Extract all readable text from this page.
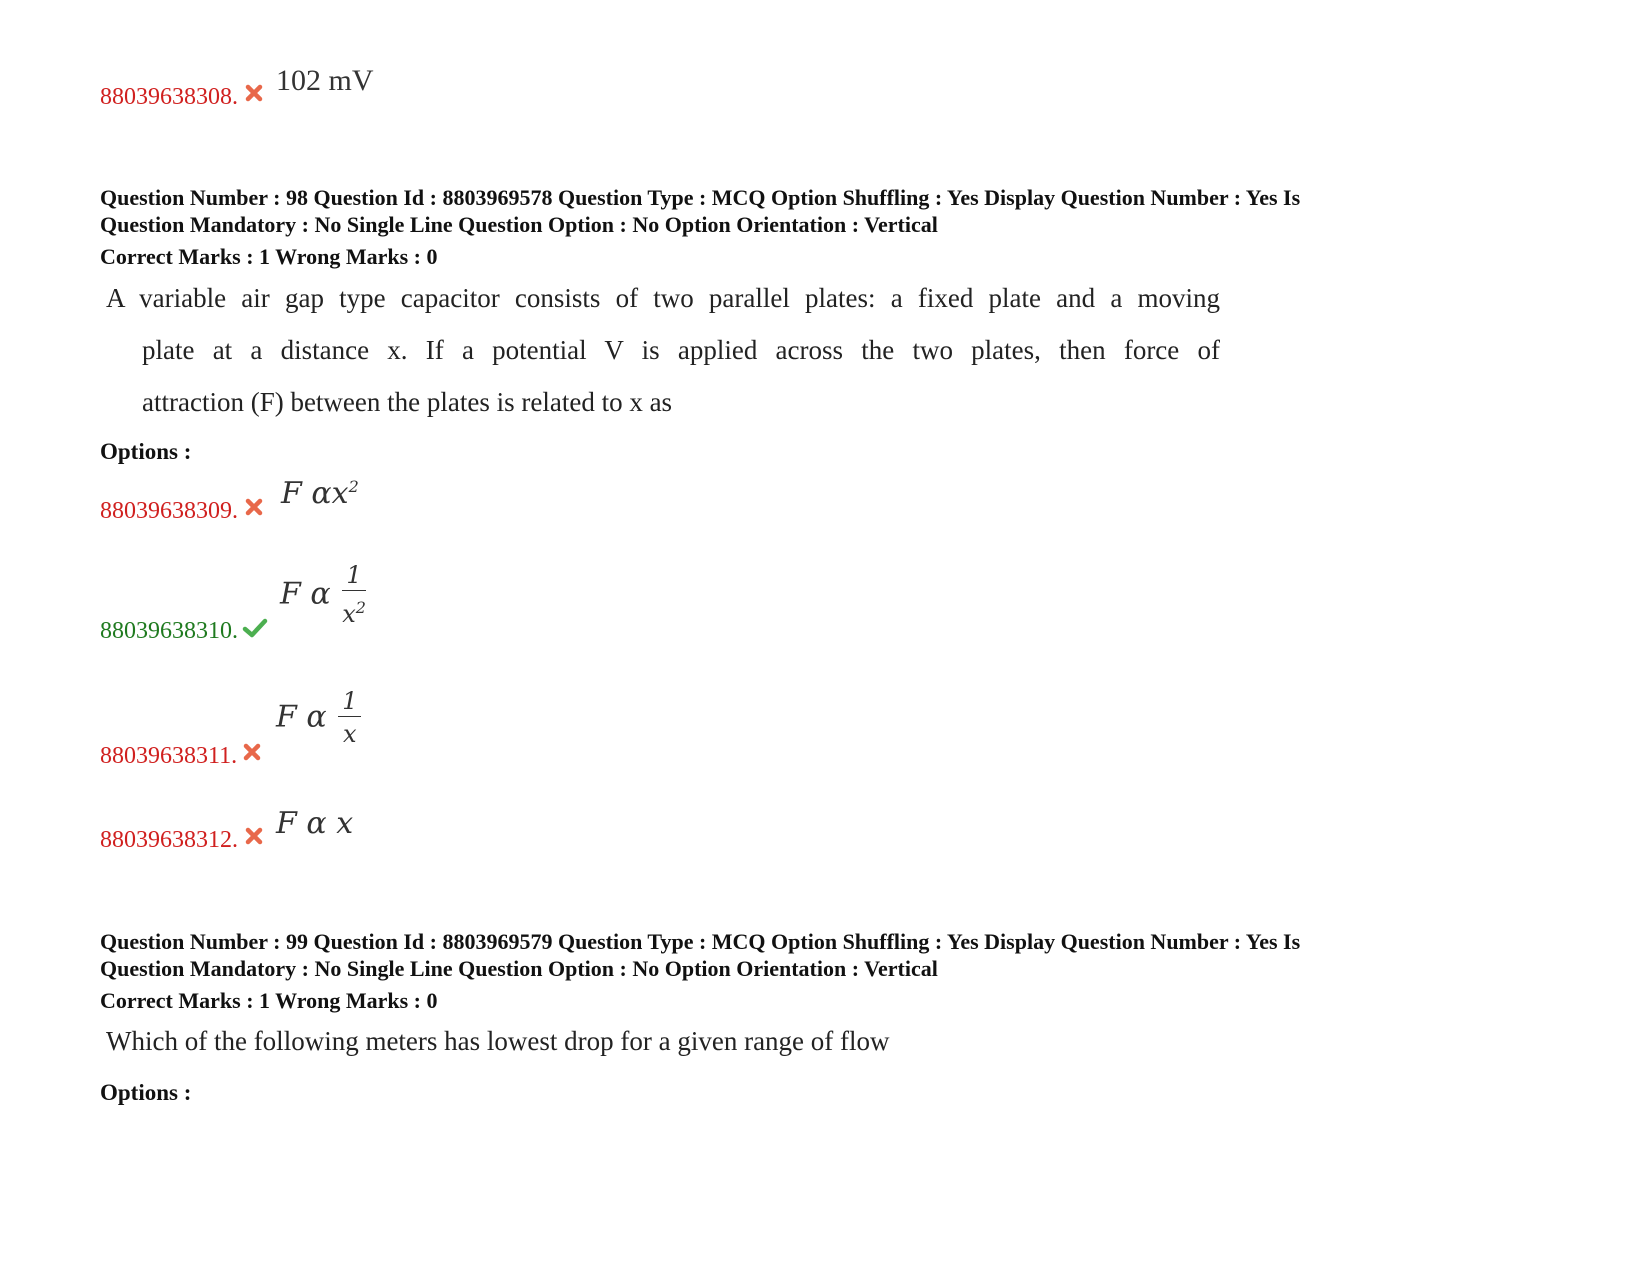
88039638308. 102 mV
Question Number : 98 Question Id : 8803969578 Question Type : MCQ Option Shuffling : Yes Display Question Number : Yes Is
Question Mandatory : No Single Line Question Option : No Option Orientation : Vertical
Correct Marks : 1 Wrong Marks : 0
A variable air gap type capacitor consists of two parallel plates: a fixed plate and a moving
plate at a distance x. If a potential V is applied across the two plates, then force of
attraction (F) between the plates is related to x as
Options :
88039638309. F $\alpha x^2$
88039638310.
F α $\frac{1}{x^2}$
88039638311.
F α $\frac{1}{x}$
88039638312. F α x
Question Number : 99 Question Id : 8803969579 Question Type : MCQ Option Shuffling : Yes Display Question Number : Yes Is
Question Mandatory : No Single Line Question Option : No Option Orientation : Vertical
Correct Marks : 1 Wrong Marks : 0
Which of the following meters has lowest drop for a given range of flow
Options :
